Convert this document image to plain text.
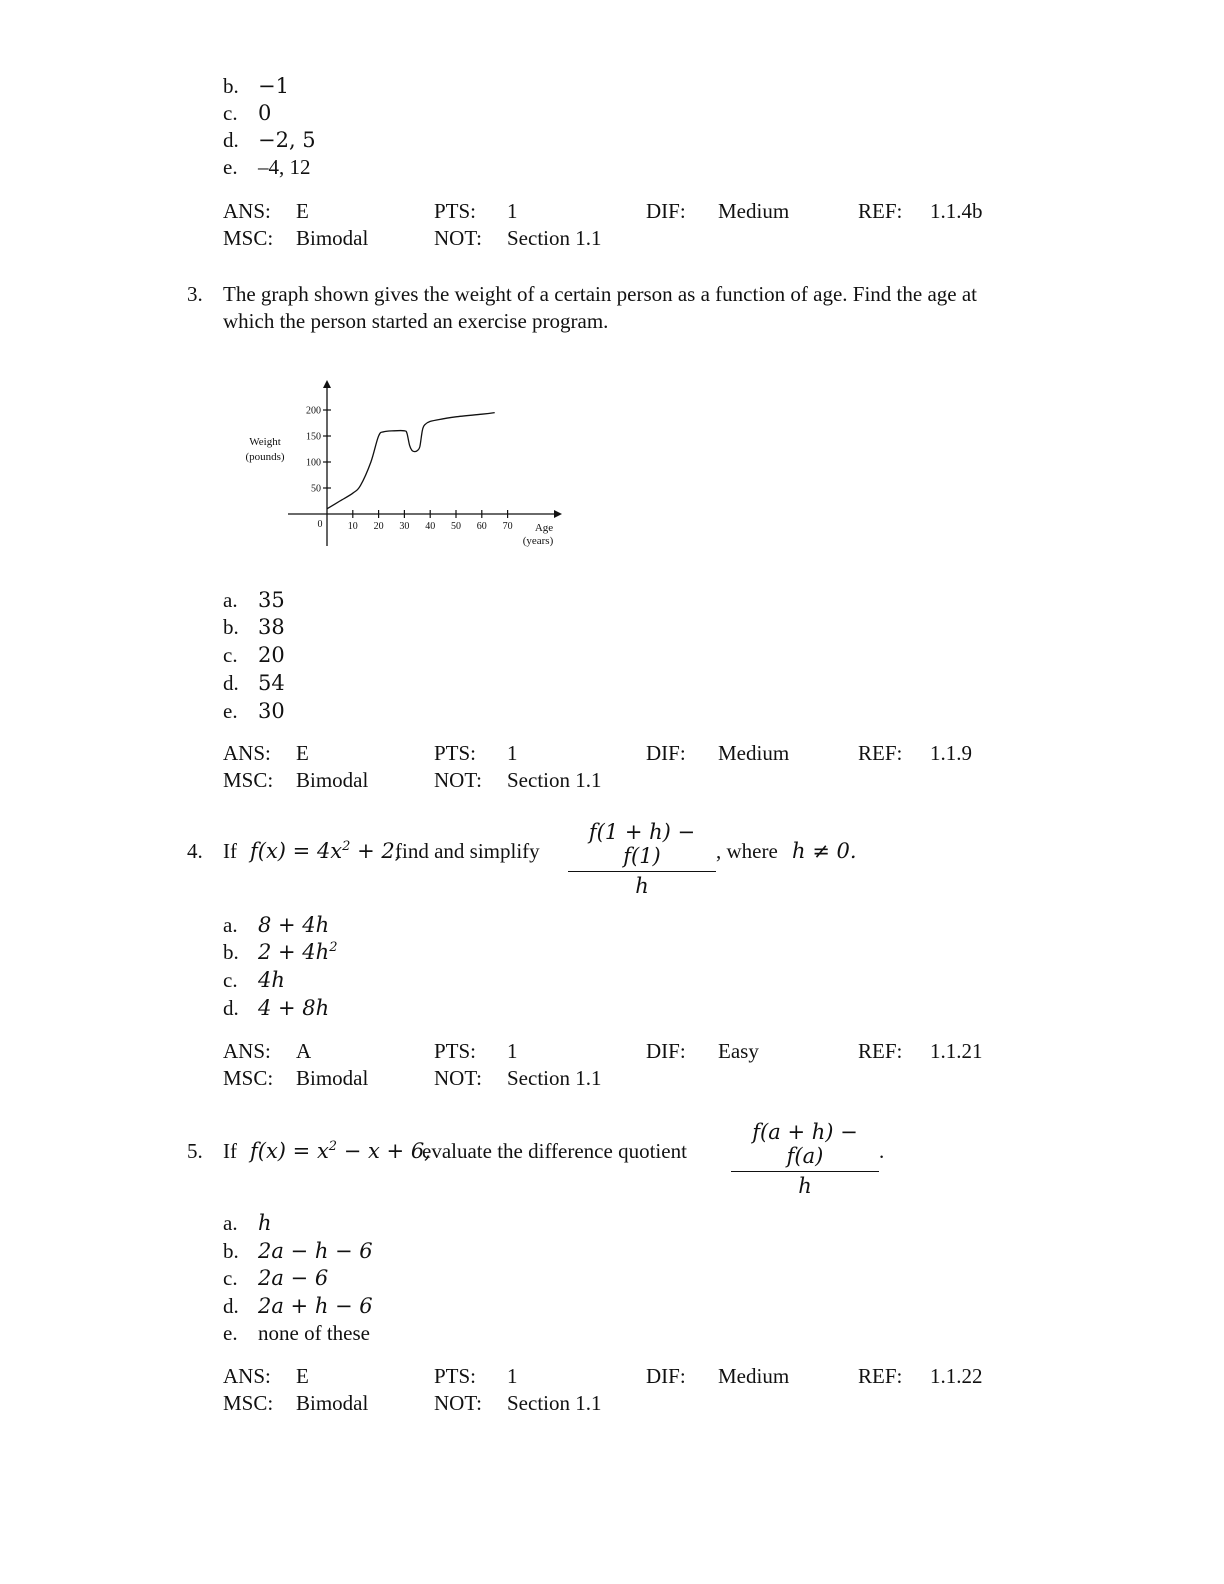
b. −1
c. 0
d. −2, 5
e. –4, 12
ANS: E	PTS: 1	DIF: Medium	REF: 1.1.4b
MSC: Bimodal	NOT: Section 1.1
3. The graph shown gives the weight of a certain person as a function of age. Find the age at
which the person started an exercise program.
50
100
150
200
10 20 30 40 50 60 70
0
Weight
(pounds)
Age
(years)
a. 35
b. 38
c. 20
d. 54
e. 30
ANS: E	PTS: 1	DIF: Medium	REF: 1.1.9
MSC: Bimodal	NOT: Section 1.1
4. If $f(x) = 4x^2 + 2$,
find and simplify
f(1 + h) − f(1)
h
, where h ≠ 0.
a. 8 + 4h
b. $2 + 4h^2$
c. 4h
d. 4 + 8h
ANS: A	PTS: 1	DIF: Easy	REF: 1.1.21
MSC: Bimodal	NOT: Section 1.1
5. If $f(x) = x^2 - x + 6$,
evaluate the difference quotient
f(a + h) − f(a)
h
.
a. h
b. 2a − h − 6
c. 2a − 6
d. 2a + h − 6
e. none of these
ANS: E	PTS: 1	DIF: Medium	REF: 1.1.22
MSC: Bimodal	NOT: Section 1.1
